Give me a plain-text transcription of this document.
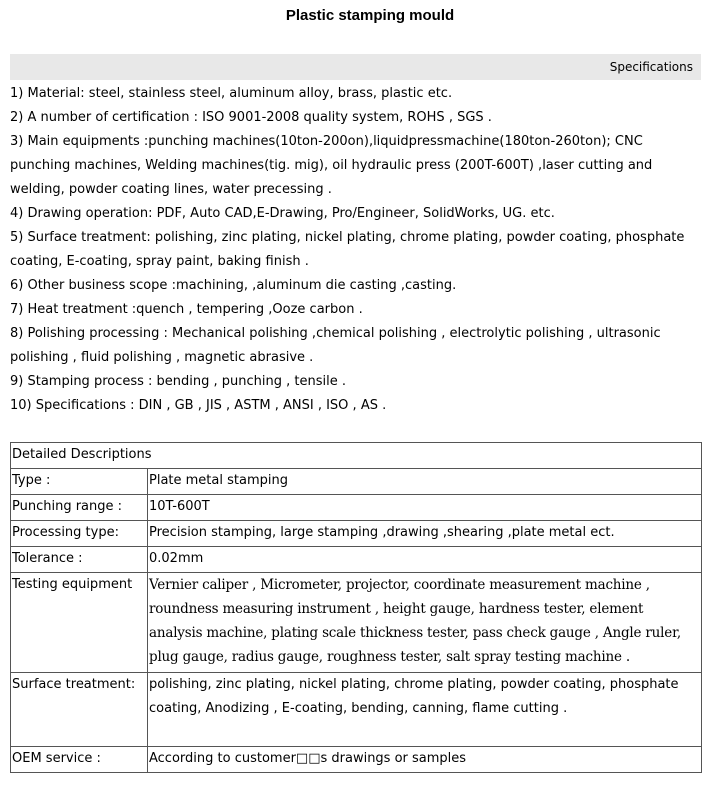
Plastic stamping mould
Specifications
1) Material: steel, stainless steel, aluminum alloy, brass, plastic etc.
2) A number of certification : ISO 9001-2008 quality system, ROHS , SGS .
3) Main equipments :punching machines(10ton-200on),liquidpressmachine(180ton-260ton); CNC punching machines, Welding machines(tig. mig), oil hydraulic press (200T-600T) ,laser cutting and welding, powder coating lines, water precessing .
4) Drawing operation: PDF, Auto CAD,E-Drawing, Pro/Engineer, SolidWorks, UG. etc.
5) Surface treatment: polishing, zinc plating, nickel plating, chrome plating, powder coating, phosphate coating, E-coating, spray paint, baking finish .
6) Other business scope :machining, ,aluminum die casting ,casting.
7) Heat treatment :quench , tempering ,Ooze carbon .
8) Polishing processing : Mechanical polishing ,chemical polishing , electrolytic polishing , ultrasonic polishing , fluid polishing , magnetic abrasive .
9) Stamping process : bending , punching , tensile .
10) Specifications : DIN , GB , JIS , ASTM , ANSI , ISO , AS .
Detailed Descriptions	
Type :	Plate metal stamping
Punching range :	10T-600T
Processing type:	Precision stamping, large stamping ,drawing ,shearing ,plate metal ect.
Tolerance :	0.02mm
Testing equipment	Vernier caliper , Micrometer, projector, coordinate measurement machine , roundness measuring instrument , height gauge, hardness tester, element analysis machine, plating scale thickness tester, pass check gauge , Angle ruler, plug gauge, radius gauge, roughness tester, salt spray testing machine .
Surface treatment:	polishing, zinc plating, nickel plating, chrome plating, powder coating, phosphate coating, Anodizing , E-coating, bending, canning, flame cutting .
OEM service :	According to customer□□s drawings or samples
